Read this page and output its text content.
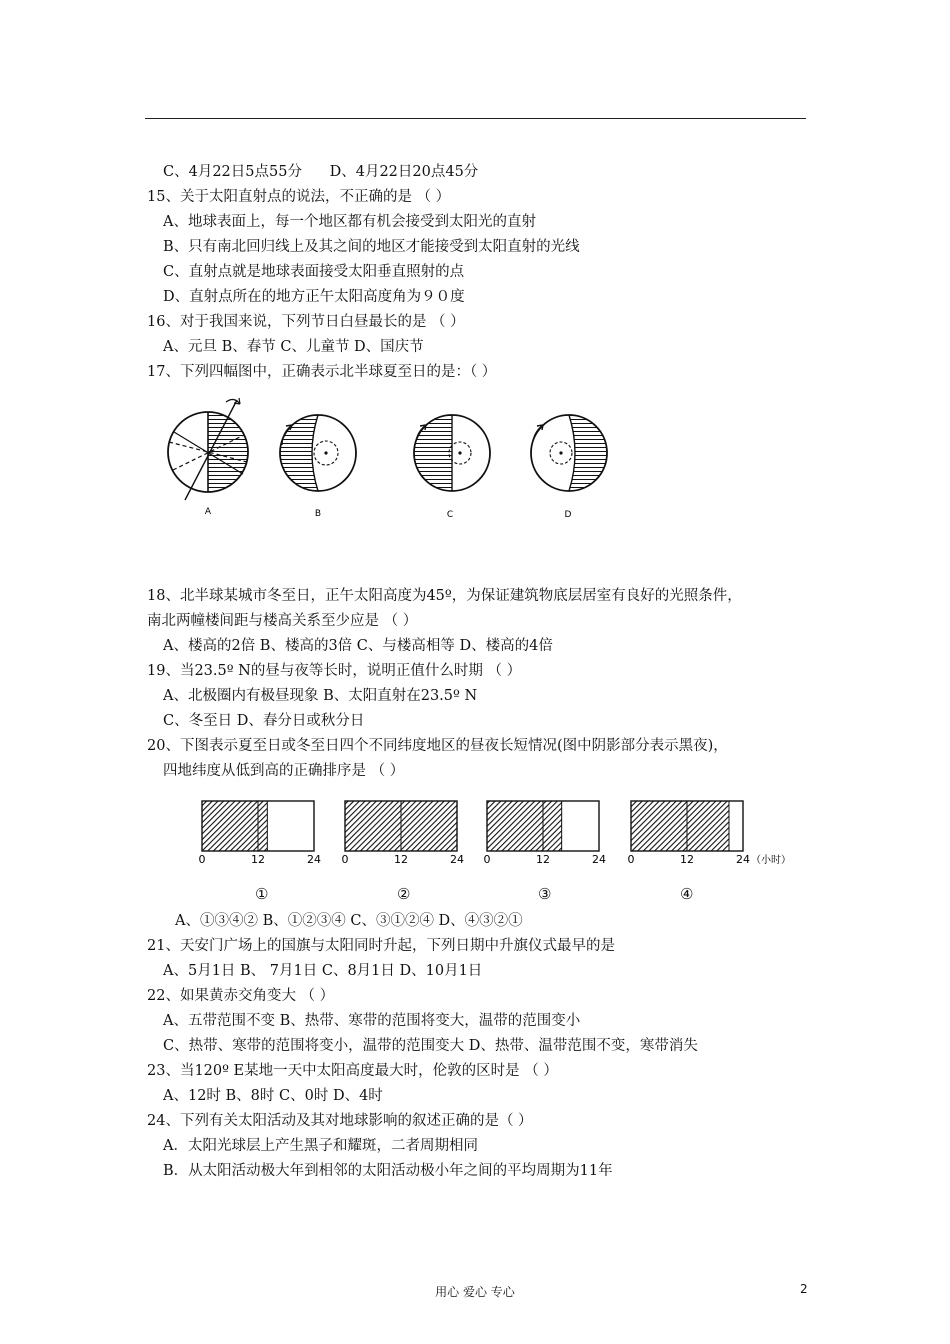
C、4月22日5点55分 D、4月22日20点45分
15、关于太阳直射点的说法，不正确的是 （ ）
A、地球表面上，每一个地区都有机会接受到太阳光的直射
B、只有南北回归线上及其之间的地区才能接受到太阳直射的光线
C、直射点就是地球表面接受太阳垂直照射的点
D、直射点所在的地方正午太阳高度角为９０度
16、对于我国来说，下列节日白昼最长的是 （ ）
A、元旦 B、春节 C、儿童节 D、国庆节
17、下列四幅图中，正确表示北半球夏至日的是：（ ）
A	B	C	D
18、北半球某城市冬至日，正午太阳高度为45º，为保证建筑物底层居室有良好的光照条件，
南北两幢楼间距与楼高关系至少应是 （ ）
A、楼高的2倍 B、楼高的3倍 C、与楼高相等 D、楼高的4倍
19、当23.5º N的昼与夜等长时，说明正值什么时期 （ ）
A、北极圈内有极昼现象 B、太阳直射在23.5º N
C、冬至日 D、春分日或秋分日
20、下图表示夏至日或冬至日四个不同纬度地区的昼夜长短情况(图中阴影部分表示黑夜)，
四地纬度从低到高的正确排序是 （ ）
0	12	24 0	12	24 0	12	24 0	12	24 （小时）
①	②	③	④
A、①③④② B、①②③④ C、③①②④ D、④③②①
21、天安门广场上的国旗与太阳同时升起，下列日期中升旗仪式最早的是
A、5月1日 B、 7月1日 C、8月1日 D、10月1日
22、如果黄赤交角变大 （ ）
A、五带范围不变 B、热带、寒带的范围将变大，温带的范围变小
C、热带、寒带的范围将变小，温带的范围变大 D、热带、温带范围不变，寒带消失
23、当120º E某地一天中太阳高度最大时，伦敦的区时是 （ ）
A、12时 B、8时 C、0时 D、4时
24、下列有关太阳活动及其对地球影响的叙述正确的是（ ）
A．太阳光球层上产生黑子和耀斑，二者周期相同
B．从太阳活动极大年到相邻的太阳活动极小年之间的平均周期为11年
用心 爱心 专心	2
